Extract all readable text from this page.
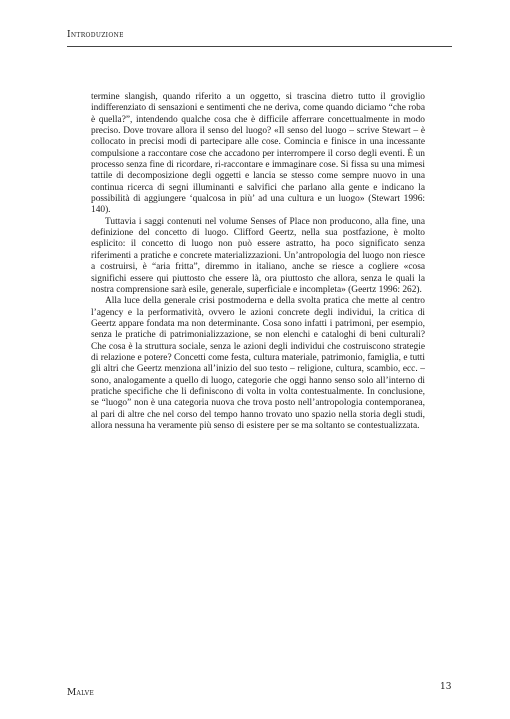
Introduzione

termine slangish, quando riferito a un oggetto, si trascina dietro tutto il groviglio indifferenziato di sensazioni e sentimenti che ne deriva, come quando diciamo “che roba è quella?”, intendendo qualche cosa che è difficile afferrare concettualmente in modo preciso. Dove trovare allora il senso del luogo? «Il senso del luogo – scrive Stewart – è collocato in precisi modi di partecipare alle cose. Comincia e finisce in una incessante compulsione a raccontare cose che accadono per interrompere il corso degli eventi. È un processo senza fine di ricordare, ri-raccontare e immaginare cose. Si fissa su una mimesi tattile di decomposizione degli oggetti e lancia se stesso come sempre nuovo in una continua ricerca di segni illuminanti e salvifici che parlano alla gente e indicano la possibilità di aggiungere ‘qualcosa in più’ ad una cultura e un luogo» (Stewart 1996: 140).

Tuttavia i saggi contenuti nel volume Senses of Place non producono, alla fine, una definizione del concetto di luogo. Clifford Geertz, nella sua postfazione, è molto esplicito: il concetto di luogo non può essere astratto, ha poco significato senza riferimenti a pratiche e concrete materializzazioni. Un’antropologia del luogo non riesce a costruirsi, è “aria fritta”, diremmo in italiano, anche se riesce a cogliere «cosa significhi essere qui piuttosto che essere là, ora piuttosto che allora, senza le quali la nostra comprensione sarà esile, generale, superficiale e incompleta» (Geertz 1996: 262).

Alla luce della generale crisi postmoderna e della svolta pratica che mette al centro l’agency e la performatività, ovvero le azioni concrete degli individui, la critica di Geertz appare fondata ma non determinante. Cosa sono infatti i patrimoni, per esempio, senza le pratiche di patrimonializzazione, se non elenchi e cataloghi di beni culturali? Che cosa è la struttura sociale, senza le azioni degli individui che costruiscono strategie di relazione e potere? Concetti come festa, cultura materiale, patrimonio, famiglia, e tutti gli altri che Geertz menziona all’inizio del suo testo – religione, cultura, scambio, ecc. – sono, analogamente a quello di luogo, categorie che oggi hanno senso solo all’interno di pratiche specifiche che li definiscono di volta in volta contestualmente. In conclusione, se “luogo” non è una categoria nuova che trova posto nell’antropologia contemporanea, al pari di altre che nel corso del tempo hanno trovato uno spazio nella storia degli studi, allora nessuna ha veramente più senso di esistere per se ma soltanto se contestualizzata.

Malve
13
